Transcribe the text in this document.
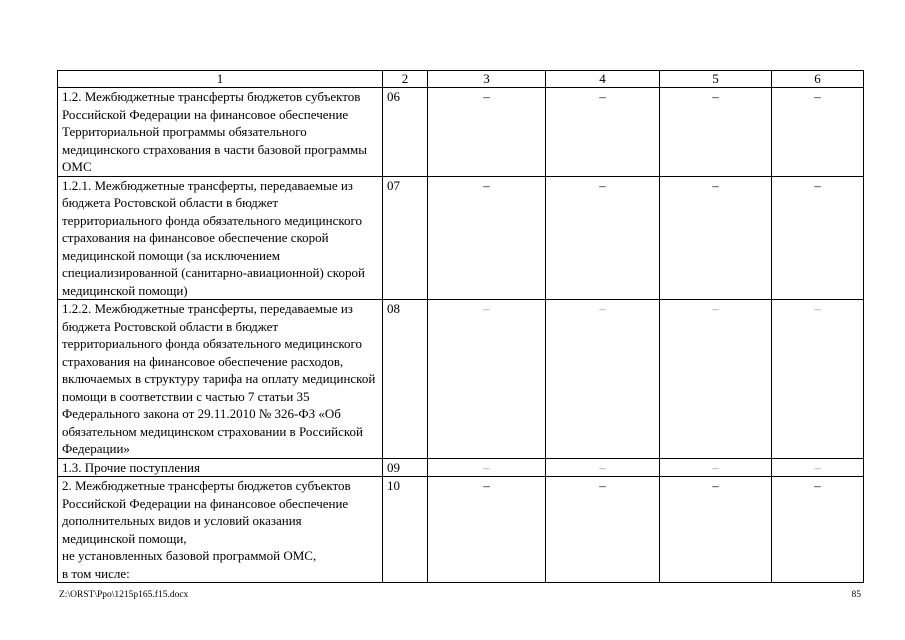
1	2	3	4	5	6
1.2. Межбюджетные трансферты бюджетов субъектов Российской Федерации на финансовое обеспечение Территориальной программы обязательного медицинского страхования в части базовой программы ОМС	06	–	–	–	–
1.2.1. Межбюджетные трансферты, передаваемые из бюджета Ростовской области в бюджет территориального фонда обязательного медицинского страхования на финансовое обеспечение скорой медицинской помощи (за исключением специализированной (санитарно-авиационной) скорой медицинской помощи)	07	–	–	–	–
1.2.2. Межбюджетные трансферты, передаваемые из бюджета Ростовской области в бюджет территориального фонда обязательного медицинского страхования на финансовое обеспечение расходов, включаемых в структуру тарифа на оплату медицинской помощи в соответствии с частью 7 статьи 35 Федерального закона от 29.11.2010 № 326-ФЗ «Об обязательном медицинском страховании в Российской Федерации»	08	–	–	–	–
1.3. Прочие поступления	09	–	–	–	–
2. Межбюджетные трансферты бюджетов субъектов Российской Федерации на финансовое обеспечение дополнительных видов и условий оказания медицинской помощи,
не установленных базовой программой ОМС,
в том числе:	10	–	–	–	–
Z:\ORST\Ppo\1215p165.f15.docx	85
